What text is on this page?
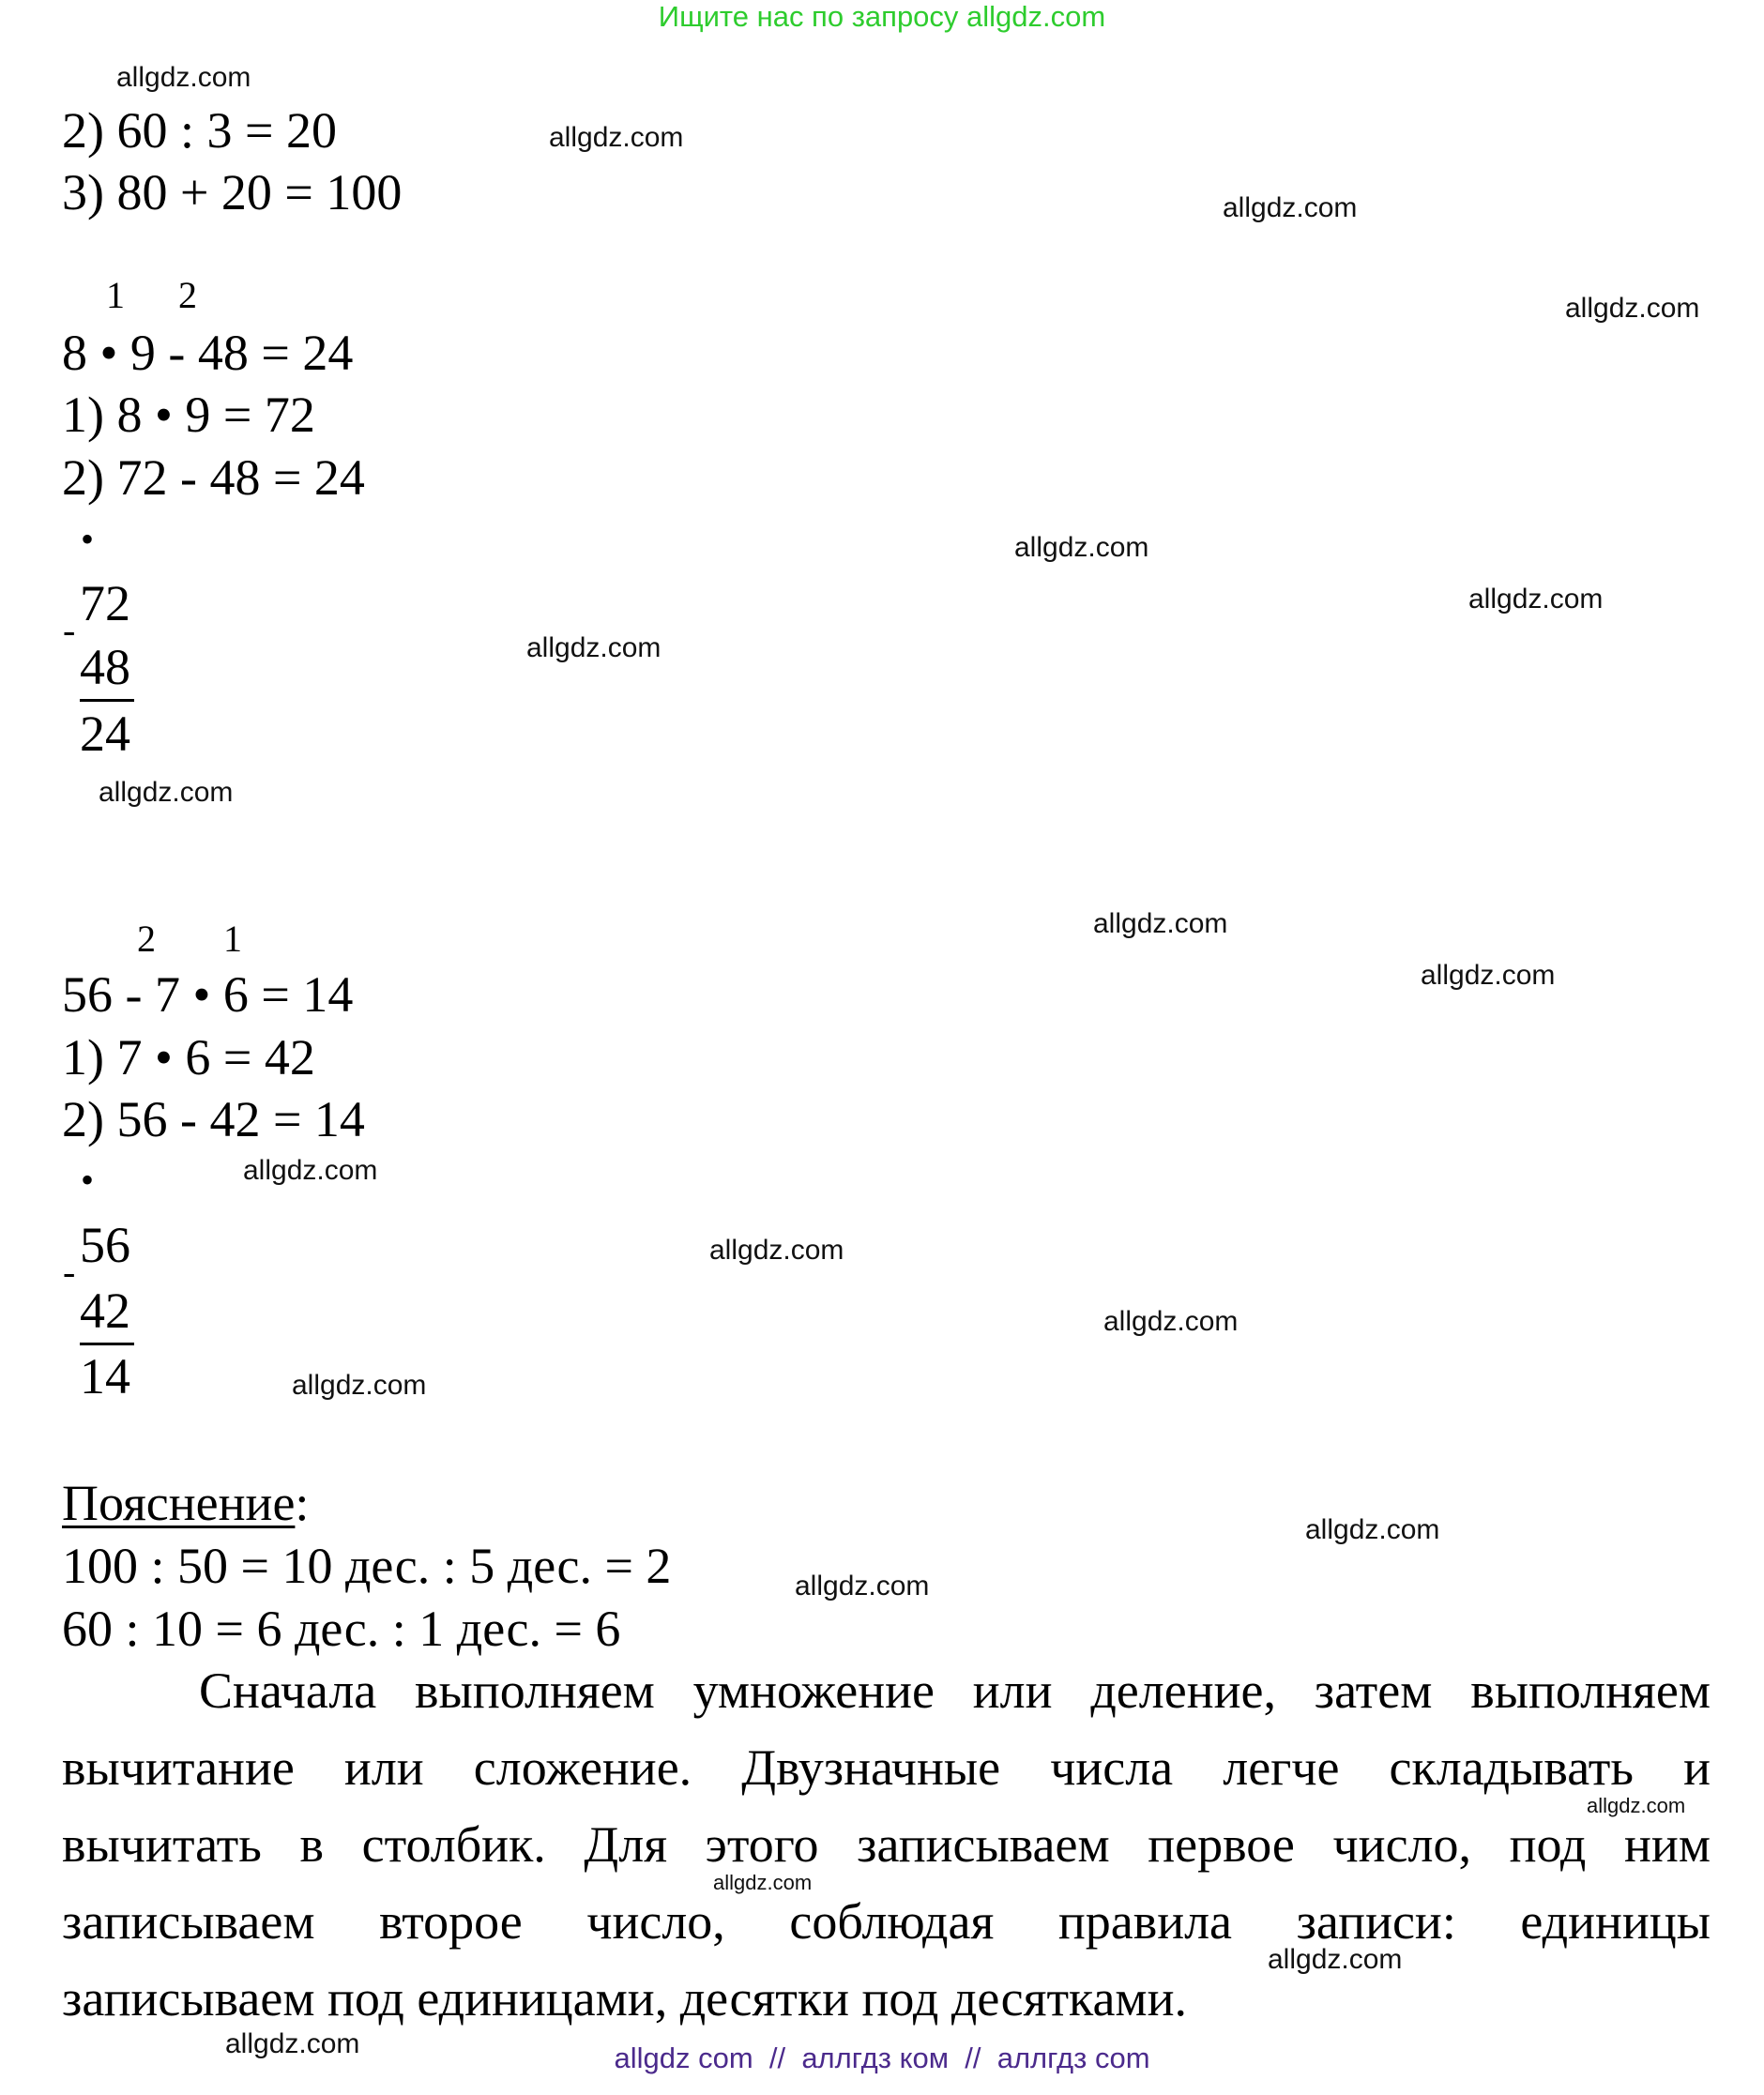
Ищите нас по запросу allgdz.com
allgdz.com
allgdz.com
allgdz.com
allgdz.com
allgdz.com
allgdz.com
allgdz.com
allgdz.com
allgdz.com
allgdz.com
allgdz.com
allgdz.com
allgdz.com
allgdz.com
allgdz.com
allgdz.com
allgdz.com
allgdz.com
allgdz.com
allgdz.com
2) 60 : 3 = 20
3) 80 + 20 = 100
1 2
8 • 9 - 48 = 24
1) 8 • 9 = 72
2) 72 - 48 = 24
•
72
-
48
24
2 1
56 - 7 • 6 = 14
1) 7 • 6 = 42
2) 56 - 42 = 14
•
56
-
42
14
Пояснение:
100 : 50 = 10 дес. : 5 дес. = 2
60 : 10 = 6 дес. : 1 дес. = 6
Сначала выполняем умножение или деление, затем выполняем
вычитание или сложение. Двузначные числа легче складывать и
вычитать в столбик. Для этого записываем первое число, под ним
записываем второе число, соблюдая правила записи: единицы
записываем под единицами, десятки под десятками.
allgdz com  //  аллгдз ком  //  аллгдз com
